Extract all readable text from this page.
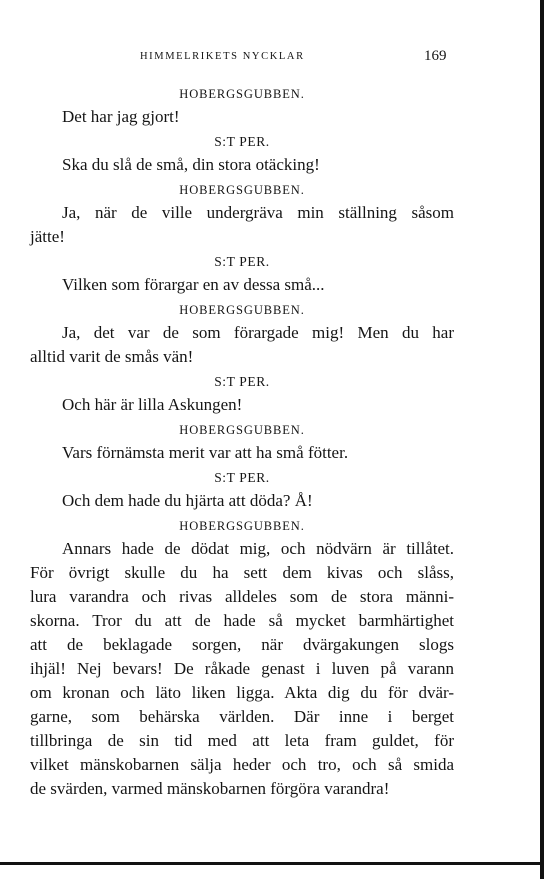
HIMMELRIKETS NYCKLAR	169
HOBERGSGUBBEN.
Det har jag gjort!
S:T PER.
Ska du slå de små, din stora otäcking!
HOBERGSGUBBEN.
Ja, när de ville undergräva min ställning såsom
jätte!
S:T PER.
Vilken som förargar en av dessa små...
HOBERGSGUBBEN.
Ja, det var de som förargade mig! Men du har
alltid varit de smås vän!
S:T PER.
Och här är lilla Askungen!
HOBERGSGUBBEN.
Vars förnämsta merit var att ha små fötter.
S:T PER.
Och dem hade du hjärta att döda? Å!
HOBERGSGUBBEN.
Annars hade de dödat mig, och nödvärn är tillåtet.
För övrigt skulle du ha sett dem kivas och slåss,
lura varandra och rivas alldeles som de stora männi-
skorna. Tror du att de hade så mycket barmhärtighet
att de beklagade sorgen, när dvärgakungen slogs
ihjäl! Nej bevars! De råkade genast i luven på varann
om kronan och läto liken ligga. Akta dig du för dvär-
garne, som behärska världen. Där inne i berget
tillbringa de sin tid med att leta fram guldet, för
vilket mänskobarnen sälja heder och tro, och så smida
de svärden, varmed mänskobarnen förgöra varandra!
